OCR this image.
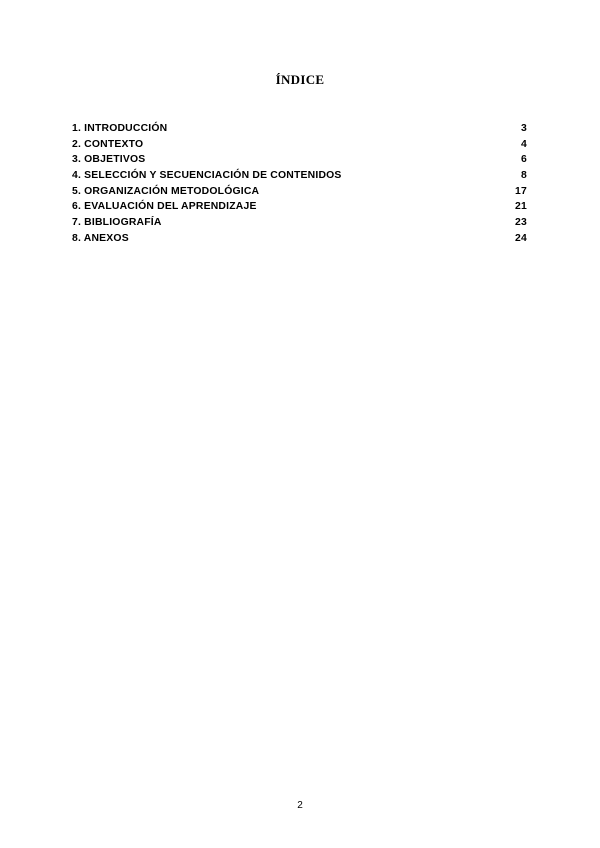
ÍNDICE
1. INTRODUCCIÓN	3
2. CONTEXTO	4
3. OBJETIVOS	6
4. SELECCIÓN Y SECUENCIACIÓN DE CONTENIDOS	8
5. ORGANIZACIÓN METODOLÓGICA	17
6. EVALUACIÓN DEL APRENDIZAJE	21
7. BIBLIOGRAFÍA	23
8. ANEXOS	24
2
